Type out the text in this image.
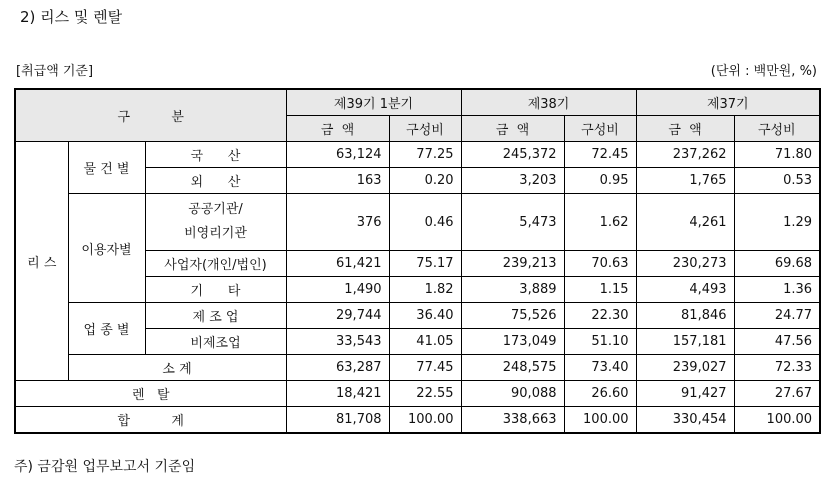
2) 리스 및 렌탈
[취급액 기준]	(단위 : 백만원, %)
구          분			제39기 1분기		제38기		제37기	
			금  액	구성비	금  액	구성비	금  액	구성비
리 스	물 건 별	국      산	63,124	77.25	245,372	72.45	237,262	71.80
		외      산	163	0.20	3,203	0.95	1,765	0.53
	이용자별	공공기관/
비영리기관	376	0.46	5,473	1.62	4,261	1.29
		사업자(개인/법인)	61,421	75.17	239,213	70.63	230,273	69.68
		기      타	1,490	1.82	3,889	1.15	4,493	1.36
	업 종 별	제 조 업	29,744	36.40	75,526	22.30	81,846	24.77
		비제조업	33,543	41.05	173,049	51.10	157,181	47.56
	소 계		63,287	77.45	248,575	73.40	239,027	72.33
렌   탈			18,421	22.55	90,088	26.60	91,427	27.67
합          계			81,708	100.00	338,663	100.00	330,454	100.00
주) 금감원 업무보고서 기준임
